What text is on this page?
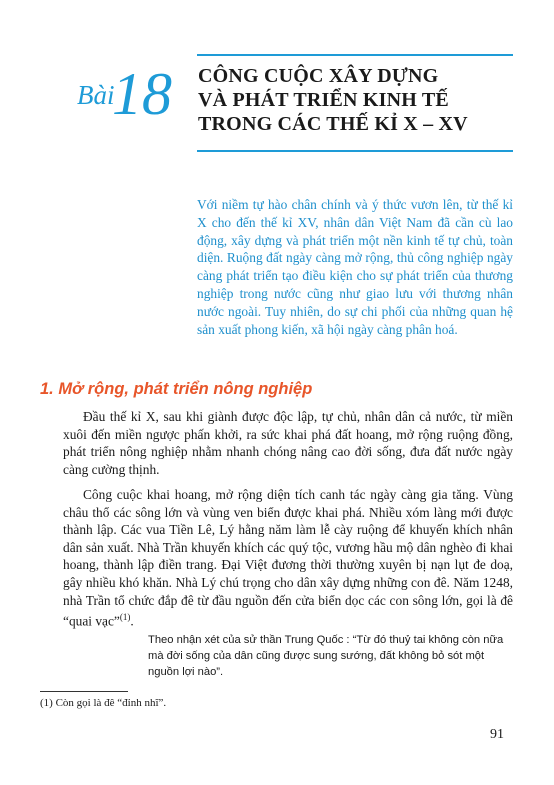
Bài
18 CÔNG CUỘC XÂY DỰNG
VÀ PHÁT TRIỂN KINH TẾ
TRONG CÁC THẾ KỈ X – XV
Với niềm tự hào chân chính và ý thức vươn lên, từ thế kỉ X cho đến thế kỉ XV, nhân dân Việt Nam đã cần cù lao động, xây dựng và phát triển một nền kinh tế tự chủ, toàn diện. Ruộng đất ngày càng mở rộng, thủ công nghiệp ngày càng phát triển tạo điều kiện cho sự phát triển của thương nghiệp trong nước cũng như giao lưu với thương nhân nước ngoài. Tuy nhiên, do sự chi phối của những quan hệ sản xuất phong kiến, xã hội ngày càng phân hoá.
1. Mở rộng, phát triển nông nghiệp
Đầu thế kỉ X, sau khi giành được độc lập, tự chủ, nhân dân cả nước, từ miền xuôi đến miền ngược phấn khởi, ra sức khai phá đất hoang, mở rộng ruộng đồng, phát triển nông nghiệp nhằm nhanh chóng nâng cao đời sống, đưa đất nước ngày càng cường thịnh.
Công cuộc khai hoang, mở rộng diện tích canh tác ngày càng gia tăng. Vùng châu thổ các sông lớn và vùng ven biển được khai phá. Nhiều xóm làng mới được thành lập. Các vua Tiền Lê, Lý hằng năm làm lễ cày ruộng để khuyến khích nhân dân sản xuất. Nhà Trần khuyến khích các quý tộc, vương hầu mộ dân nghèo đi khai hoang, thành lập điền trang. Đại Việt đương thời thường xuyên bị nạn lụt đe doạ, gây nhiều khó khăn. Nhà Lý chú trọng cho dân xây dựng những con đê. Năm 1248, nhà Trần tổ chức đắp đê từ đầu nguồn đến cửa biển dọc các con sông lớn, gọi là đê “quai vạc”$^{(1)}$.
Theo nhận xét của sử thần Trung Quốc : “Từ đó thuỷ tai không còn nữa mà đời sống của dân cũng được sung sướng, đất không bỏ sót một nguồn lợi nào”.
(1) Còn gọi là đê “đỉnh nhĩ”.
91
